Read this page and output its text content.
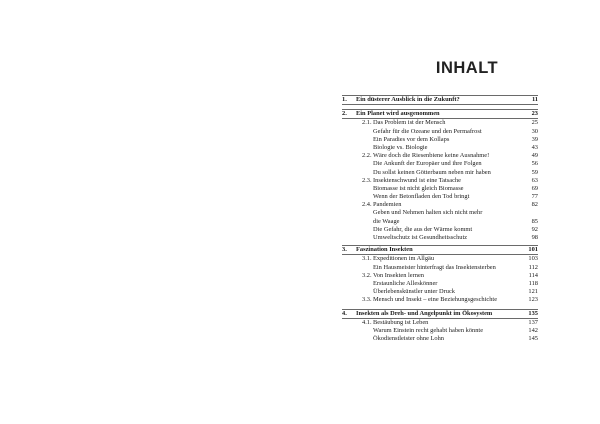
INHALT
1. Ein düsterer Ausblick in die Zukunft?	11
2. Ein Planet wird ausgenommen	23
2.1. Das Problem ist der Mensch	25
Gefahr für die Ozeane und den Permafrost	30
Ein Paradies vor dem Kollaps	39
Biologie vs. Biologie	43
2.2. Wäre doch die Riesenbiene keine Ausnahme!	49
Die Ankunft der Europäer und ihre Folgen	56
Du sollst keinen Götterbaum neben mir haben	59
2.3. Insektenschwund ist eine Tatsache	63
Biomasse ist nicht gleich Biomasse	69
Wenn der Betonfladen den Tod bringt	77
2.4. Pandemien	82
Geben und Nehmen halten sich nicht mehr
die Waage	85
Die Gefahr, die aus der Wärme kommt	92
Umweltschutz ist Gesundheitsschutz	98
3. Faszination Insekten	101
3.1. Expeditionen im Allgäu	103
Ein Hausmeister hinterfragt das Insektensterben	112
3.2. Von Insekten lernen	114
Erstaunliche Alleskönner	118
Überlebenskünstler unter Druck	121
3.3. Mensch und Insekt – eine Beziehungsgeschichte	123
4. Insekten als Dreh- und Angelpunkt im Ökosystem	135
4.1. Bestäubung ist Leben	137
Warum Einstein recht gehabt haben könnte	142
Ökodienstleister ohne Lohn	145
